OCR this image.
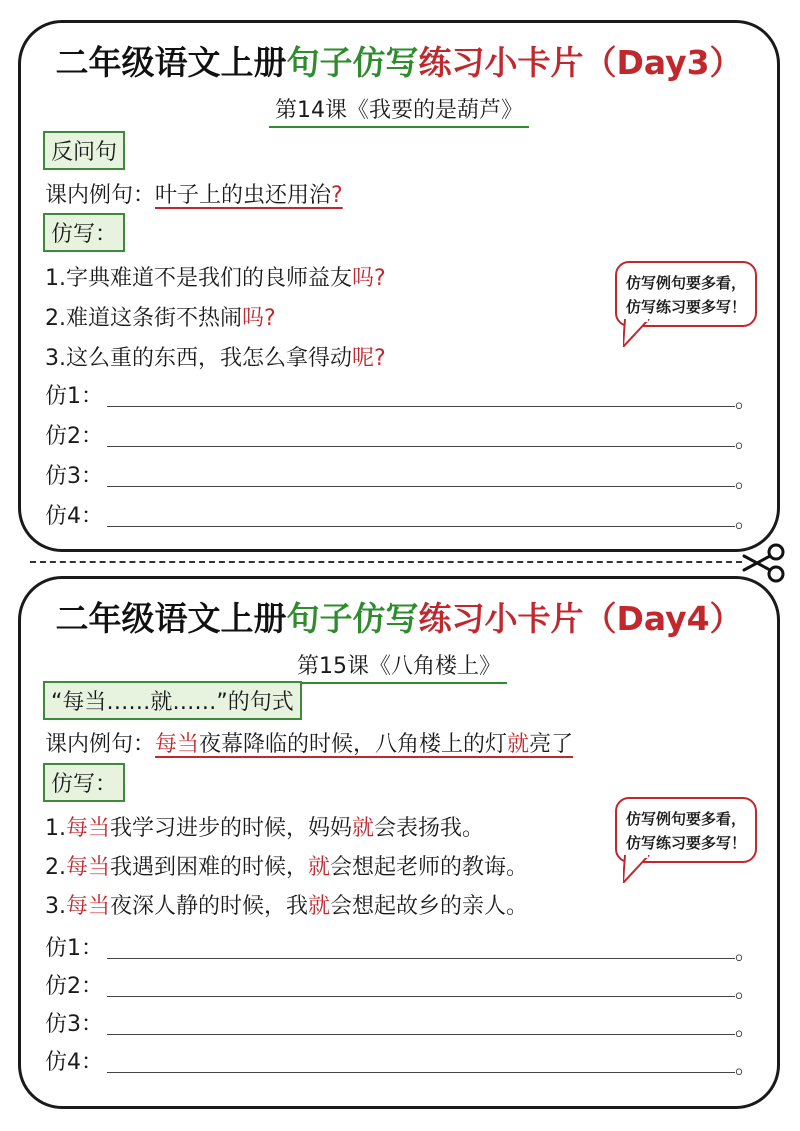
二年级语文上册句子仿写练习小卡片（Day3）
第14课《我要的是葫芦》
反问句
课内例句：叶子上的虫还用治?
仿写：
1.字典难道不是我们的良师益友吗?
2.难道这条街不热闹吗?
3.这么重的东西，我怎么拿得动呢?
仿写例句要多看，
仿写练习要多写！
仿1：	。
仿2：	。
仿3：	。
仿4：	。
二年级语文上册句子仿写练习小卡片（Day4）
第15课《八角楼上》
“每当……就……”的句式
课内例句：每当夜幕降临的时候，八角楼上的灯就亮了
仿写：
1.每当我学习进步的时候，妈妈就会表扬我。
2.每当我遇到困难的时候，就会想起老师的教诲。
3.每当夜深人静的时候，我就会想起故乡的亲人。
仿写例句要多看，
仿写练习要多写！
仿1：	。
仿2：	。
仿3：	。
仿4：	。
